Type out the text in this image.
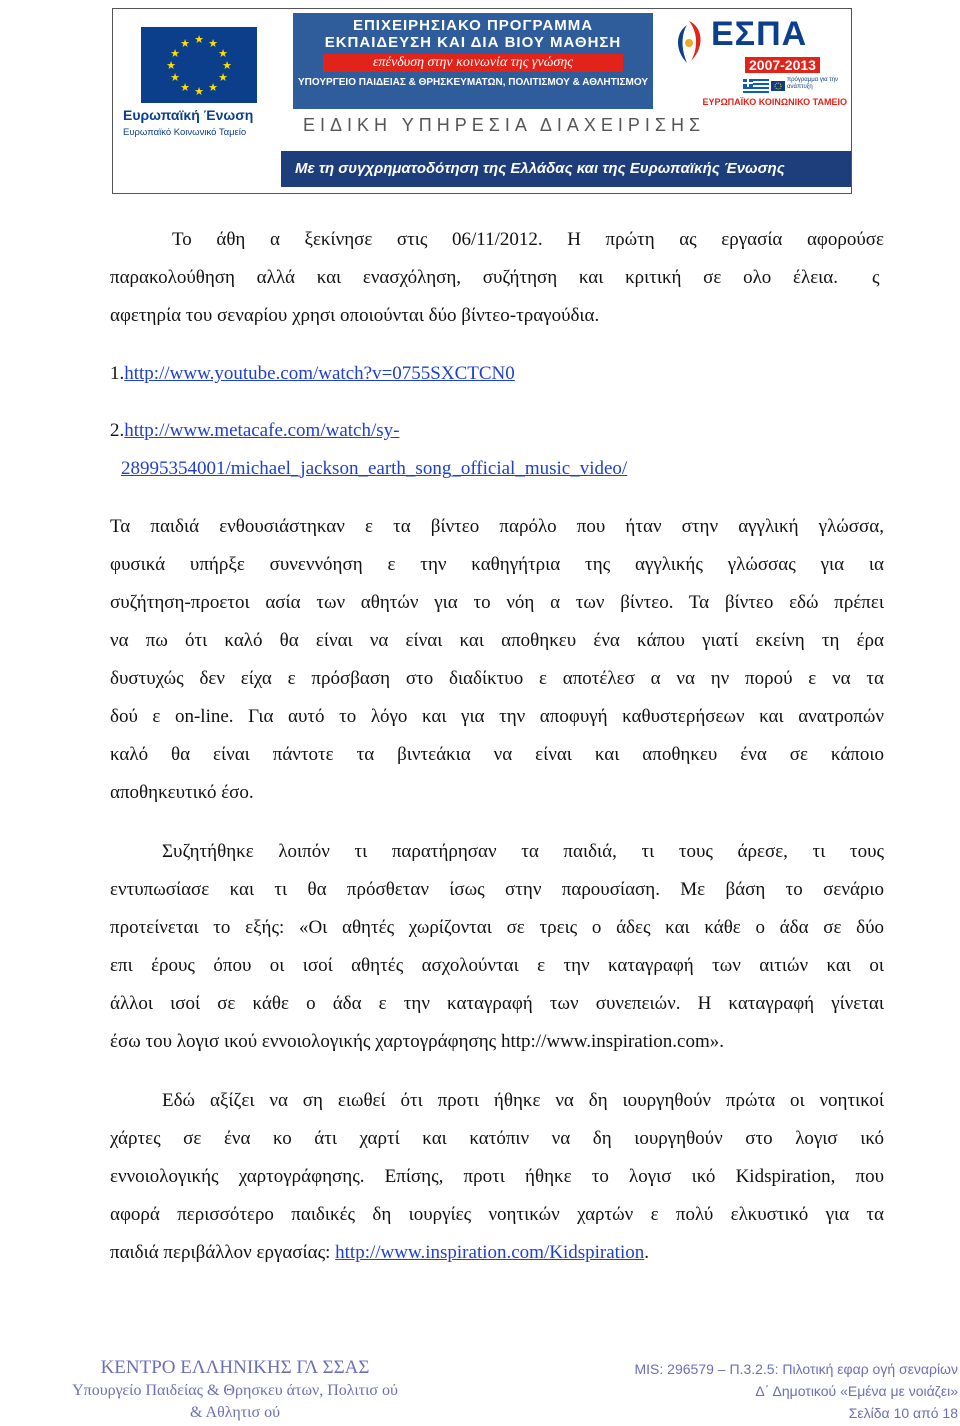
★ ★
★
★
★
★
★
★
★
★
★
★
Ευρωπαϊκή Ένωση
Ευρωπαϊκό Κοινωνικό Ταμείο
ΕΠΙΧΕΙΡΗΣΙΑΚΟ ΠΡΟΓΡΑΜΜΑ
ΕΚΠΑΙΔΕΥΣΗ ΚΑΙ ΔΙΑ ΒΙΟΥ ΜΑΘΗΣΗ
επένδυση στην κοινωνία της γνώσης
ΥΠΟΥΡΓΕΙΟ ΠΑΙΔΕΙΑΣ & ΘΡΗΣΚΕΥΜΑΤΩΝ, ΠΟΛΙΤΙΣΜΟΥ & ΑΘΛΗΤΙΣΜΟΥ
ΕΣΠΑ
2007-2013
πρόγραμμα για την ανάπτυξη
ΕΥΡΩΠΑΪΚΟ ΚΟΙΝΩΝΙΚΟ ΤΑΜΕΙΟ
ΕΙΔΙΚΗ ΥΠΗΡΕΣΙΑ ΔΙΑΧΕΙΡΙΣΗΣ
Με τη συγχρηματοδότηση της Ελλάδας και της Ευρωπαϊκής Ένωσης
Το άθη α ξεκίνησε στις 06/11/2012. Η πρώτη ας εργασία αφορούσε
παρακολούθηση αλλά και ενασχόληση, συζήτηση και κριτική σε ολο έλεια. ς
αφετηρία του σεναρίου χρησι οποιούνται δύο βίντεο-τραγούδια.
1.http://www.youtube.com/watch?v=0755SXCTCN0
2.http://www.metacafe.com/watch/sy-
28995354001/michael_jackson_earth_song_official_music_video/
Τα παιδιά ενθουσιάστηκαν ε τα βίντεο παρόλο που ήταν στην αγγλική γλώσσα,
φυσικά υπήρξε συνεννόηση ε την καθηγήτρια της αγγλικής γλώσσας για ια
συζήτηση-προετοι ασία των αθητών για το νόη α των βίντεο. Τα βίντεο εδώ πρέπει
να πω ότι καλό θα είναι να είναι και αποθηκευ ένα κάπου γιατί εκείνη τη έρα
δυστυχώς δεν είχα ε πρόσβαση στο διαδίκτυο ε αποτέλεσ α να ην πορού ε να τα
δού ε on-line. Για αυτό το λόγο και για την αποφυγή καθυστερήσεων και ανατροπών
καλό θα είναι πάντοτε τα βιντεάκια να είναι και αποθηκευ ένα σε κάποιο
αποθηκευτικό έσο.
Συζητήθηκε λοιπόν τι παρατήρησαν τα παιδιά, τι τους άρεσε, τι τους
εντυπωσίασε και τι θα πρόσθεταν ίσως στην παρουσίαση. Με βάση το σενάριο
προτείνεται το εξής: «Οι αθητές χωρίζονται σε τρεις ο άδες και κάθε ο άδα σε δύο
επι έρους όπου οι ισοί αθητές ασχολούνται ε την καταγραφή των αιτιών και οι
άλλοι ισοί σε κάθε ο άδα ε την καταγραφή των συνεπειών. Η καταγραφή γίνεται
έσω του λογισ ικού εννοιολογικής χαρτογράφησης http://www.inspiration.com».
Εδώ αξίζει να ση ειωθεί ότι προτι ήθηκε να δη ιουργηθούν πρώτα οι νοητικοί
χάρτες σε ένα κο άτι χαρτί και κατόπιν να δη ιουργηθούν στο λογισ ικό
εννοιολογικής χαρτογράφησης. Επίσης, προτι ήθηκε το λογισ ικό Kidspiration, που
αφορά περισσότερο παιδικές δη ιουργίες νοητικών χαρτών ε πολύ ελκυστικό για τα
παιδιά περιβάλλον εργασίας: http://www.inspiration.com/Kidspiration.
ΚΕΝΤΡΟ ΕΛΛΗΝΙΚΗΣ ΓΛ ΣΣΑΣ
Υπουργείο Παιδείας & Θρησκευ άτων, Πολιτισ ού
& Αθλητισ ού
MIS: 296579 – Π.3.2.5: Πιλοτική εφαρ ογή σεναρίων
Δ΄ Δημοτικού «Εμένα με νοιάζει»
Σελίδα 10 από 18
